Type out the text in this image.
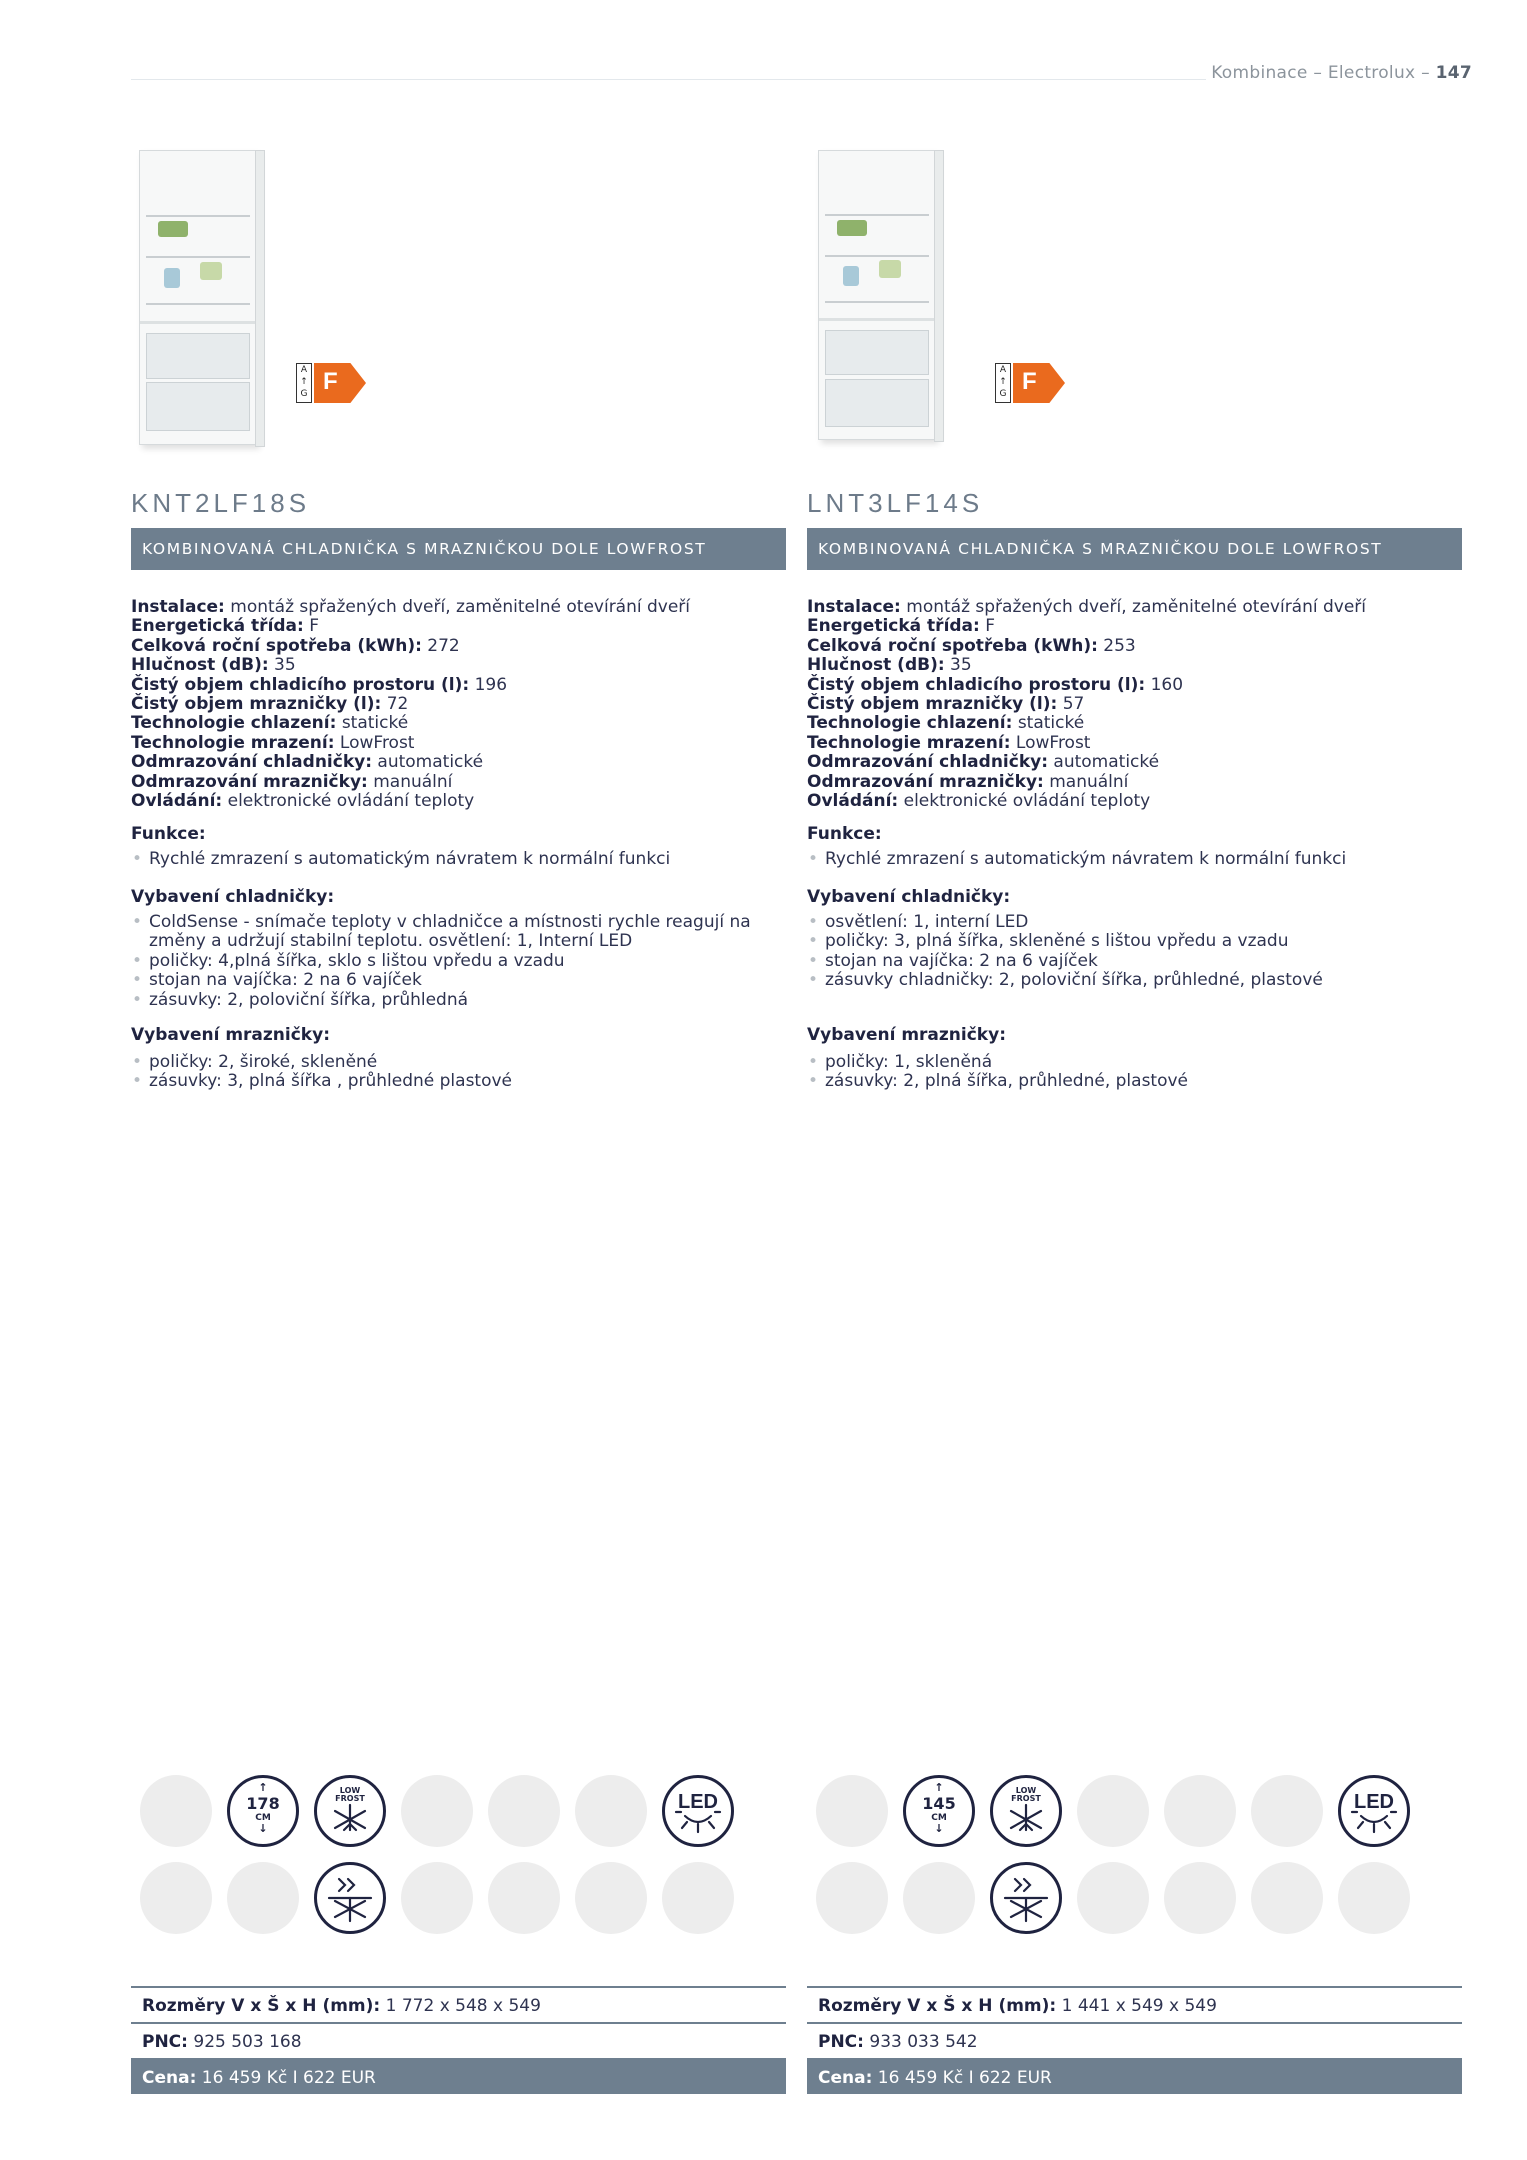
Kombinace – Electrolux – 147
A
↑
G F
KNT2LF18S
KOMBINOVANÁ CHLADNIČKA S MRAZNIČKOU DOLE LOWFROST
Instalace: montáž spřažených dveří, zaměnitelné otevírání dveří
Energetická třída: F
Celková roční spotřeba (kWh): 272
Hlučnost (dB): 35
Čistý objem chladicího prostoru (l): 196
Čistý objem mrazničky (l): 72
Technologie chlazení: statické
Technologie mrazení: LowFrost
Odmrazování chladničky: automatické
Odmrazování mrazničky: manuální
Ovládání: elektronické ovládání teploty
Funkce:
• Rychlé zmrazení s automatickým návratem k normální funkci
Vybavení chladničky:
• ColdSense - snímače teploty v chladničce a místnosti rychle reagují na změny a udržují stabilní teplotu. osvětlení: 1, Interní LED
• poličky: 4,plná šířka, sklo s lištou vpředu a vzadu
• stojan na vajíčka: 2 na 6 vajíček
• zásuvky: 2, poloviční šířka, průhledná
Vybavení mrazničky:
• poličky: 2, široké, skleněné
• zásuvky: 3, plná šířka , průhledné plastové
↑
178
CM
↓
LOW
FROST	LED
Rozměry V x Š x H (mm): 1 772 x 548 x 549
PNC: 925 503 168
Cena: 16 459 Kč I 622 EUR
A
↑
G F
LNT3LF14S
KOMBINOVANÁ CHLADNIČKA S MRAZNIČKOU DOLE LOWFROST
Instalace: montáž spřažených dveří, zaměnitelné otevírání dveří
Energetická třída: F
Celková roční spotřeba (kWh): 253
Hlučnost (dB): 35
Čistý objem chladicího prostoru (l): 160
Čistý objem mrazničky (l): 57
Technologie chlazení: statické
Technologie mrazení: LowFrost
Odmrazování chladničky: automatické
Odmrazování mrazničky: manuální
Ovládání: elektronické ovládání teploty
Funkce:
• Rychlé zmrazení s automatickým návratem k normální funkci
Vybavení chladničky:
• osvětlení: 1, interní LED
• poličky: 3, plná šířka, skleněné s lištou vpředu a vzadu
• stojan na vajíčka: 2 na 6 vajíček
• zásuvky chladničky: 2, poloviční šířka, průhledné, plastové
Vybavení mrazničky:
• poličky: 1, skleněná
• zásuvky: 2, plná šířka, průhledné, plastové
↑
145
CM
↓
LOW
FROST	LED
Rozměry V x Š x H (mm): 1 441 x 549 x 549
PNC: 933 033 542
Cena: 16 459 Kč I 622 EUR
